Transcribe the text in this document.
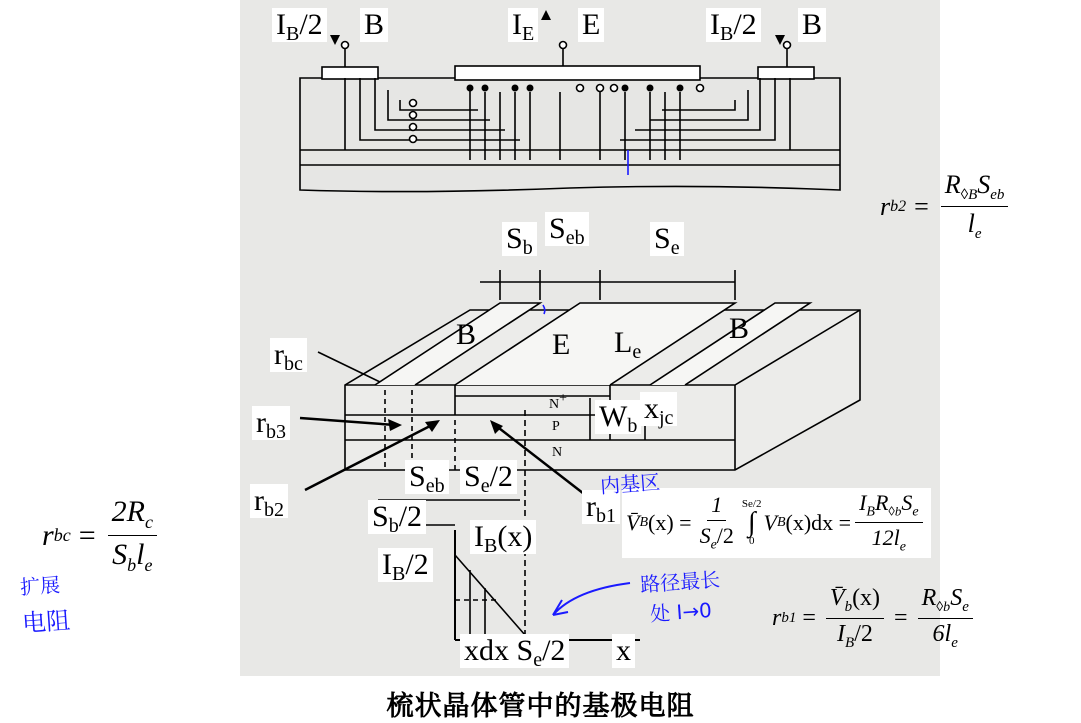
$I_B/2$ B	$I_E$ E	$I_B/2$ B
$S_b$
$S_{eb}$ $S_e$
B	E $L_e$
B
$r_{bc}$
$r_{b3}$
$r_{b2}$	$r_{b1}$
$W_b$
$x_{jc}$
N+
P
N
$S_{eb}$ $S_e/2$
$S_b/2$
$I_B/2$
$I_B(x)$
xdx $S_e/2$ x
r $b2 = \frac{R_{◊B}S_{eb}}{l_e}$
r bc = $\frac{2R_c}{S_bl_e}$	V̄ B $(x) = \frac{1}{S_e/2} Se/2$
∫
0
V B $(x)dx = \frac{I_BR_{◊b}S_e}{12l_e}$
r $b1 = \frac{V̄_b(x)}{I_B/2} = \frac{R_{◊b}S_e}{6l_e}$
扩展
电阻
内基区
路径最长
处 I→0
梳状晶体管中的基极电阻
